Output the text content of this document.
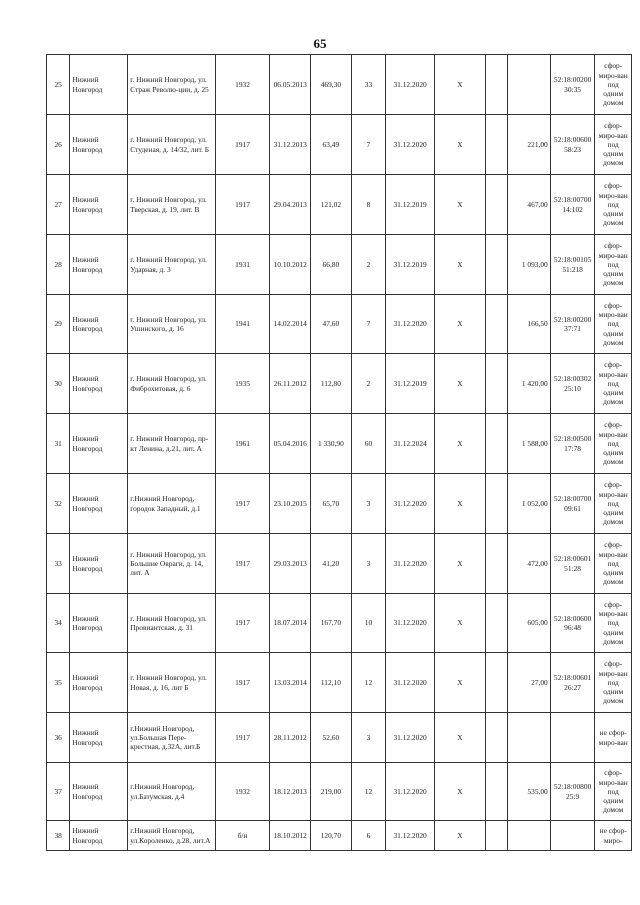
65
25	Нижний Новгород	г. Нижний Новгород, ул. Страж Револю-ции, д. 25	1932	06.05.2013	469,30	33	31.12.2020	Х			52:18:0020030:35	сфор-миро-ван под одним домом
26	Нижний Новгород	г. Нижний Новгород, ул. Студеная, д. 14/32, лит. Б	1917	31.12.2013	63,49	7	31.12.2020	Х		221,00	52:18:0060058:23	сфор-миро-ван под одним домом
27	Нижний Новгород	г. Нижний Новгород, ул. Тверская, д. 19, лит. В	1917	29.04.2013	121,02	8	31.12.2019	Х		467,00	52:18:0070014:102	сфор-миро-ван под одним домом
28	Нижний Новгород	г. Нижний Новгород, ул. Ударная, д. 3	1931	10.10.2012	66,80	2	31.12.2019	Х		1 093,00	52:18:0010551:218	сфор-миро-ван под одним домом
29	Нижний Новгород	г. Нижний Новгород, ул. Ушинского, д. 16	1941	14.02.2014	47,60	7	31.12.2020	Х		166,50	52:18:0020037:71	сфор-миро-ван под одним домом
30	Нижний Новгород	г. Нижний Новгород, ул. Фиброхитовая, д. 6	1935	26.11.2012	112,80	2	31.12.2019	Х		1 420,00	52:18:0030225:10	сфор-миро-ван под одним домом
31	Нижний Новгород	г. Нижний Новгород, пр-кт Ленина, д.21, лит. А	1961	05.04.2016	1 330,90	60	31.12.2024	Х		1 588,00	52:18:0050017:78	сфор-миро-ван под одним домом
32	Нижний Новгород	г.Нижний Новгород, городок Западный, д.1	1917	23.10.2015	65,70	3	31.12.2020	Х		1 052,00	52:18:0070009:61	сфор-миро-ван под одним домом
33	Нижний Новгород	г. Нижний Новгород, ул. Большие Овраги, д. 14, лит. А	1917	29.03.2013	41,20	3	31.12.2020	Х		472,00	52:18:0060151:28	сфор-миро-ван под одним домом
34	Нижний Новгород	г. Нижний Новгород, ул. Провиантская, д. 31	1917	18.07.2014	167,70	10	31.12.2020	Х		605,00	52:18:0060096:48	сфор-миро-ван под одним домом
35	Нижний Новгород	г. Нижний Новгород, ул. Новая, д. 16, лит Б	1917	13.03.2014	112,10	12	31.12.2020	Х		27,00	52:18:0060126:27	сфор-миро-ван под одним домом
36	Нижний Новгород	г.Нижний Новгород, ул.Большая Пере-крестная, д.32А, лит.Б	1917	28.11.2012	52,60	3	31.12.2020	Х				не сфор-миро-ван
37	Нижний Новгород	г.Нижний Новгород, ул.Батумская, д.4	1932	18.12.2013	219,00	12	31.12.2020	Х		535,00	52:18:0080025:9	сфор-миро-ван под одним домом
38	Нижний Новгород	г.Нижний Новгород, ул.Короленко, д.28, лит.А	б/н	18.10.2012	120,70	6	31.12.2020	Х				не сфор-миро-
